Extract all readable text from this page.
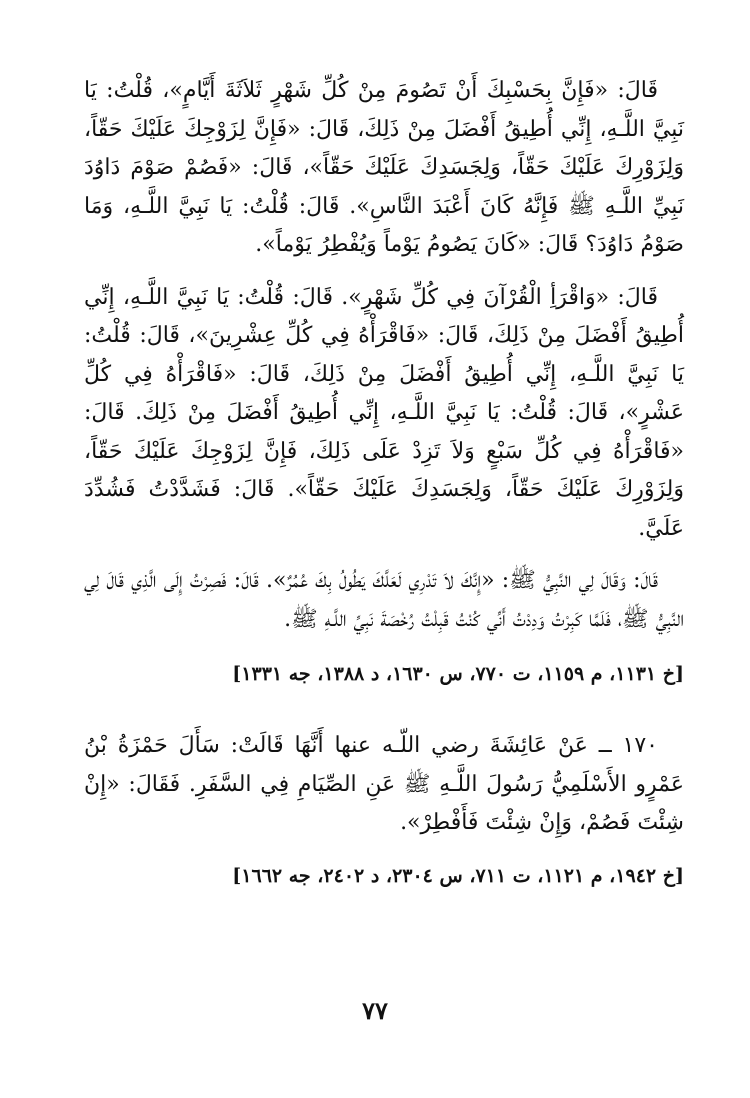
قَالَ: «فَإِنَّ بِحَسْبِكَ أَنْ تَصُومَ مِنْ كُلِّ شَهْرٍ ثَلاَثَةَ أَيَّامٍ»، قُلْتُ: يَا نَبِيَّ اللَّـهِ، إِنِّي أُطِيقُ أَفْضَلَ مِنْ ذَلِكَ، قَالَ: «فَإِنَّ لِزَوْجِكَ عَلَيْكَ حَقّاً، وَلِزَوْرِكَ عَلَيْكَ حَقّاً، وَلِجَسَدِكَ عَلَيْكَ حَقّاً»، قَالَ: «فَصُمْ صَوْمَ دَاوُدَ نَبِيِّ اللَّـهِ ﷺ فَإِنَّهُ كَانَ أَعْبَدَ النَّاسِ». قَالَ: قُلْتُ: يَا نَبِيَّ اللَّـهِ، وَمَا صَوْمُ دَاوُدَ؟ قَالَ: «كَانَ يَصُومُ يَوْماً وَيُفْطِرُ يَوْماً».

قَالَ: «وَاقْرَأِ الْقُرْآنَ فِي كُلِّ شَهْرٍ». قَالَ: قُلْتُ: يَا نَبِيَّ اللَّـهِ، إِنِّي أُطِيقُ أَفْضَلَ مِنْ ذَلِكَ، قَالَ: «فَاقْرَأْهُ فِي كُلِّ عِشْرِينَ»، قَالَ: قُلْتُ: يَا نَبِيَّ اللَّـهِ، إِنِّي أُطِيقُ أَفْضَلَ مِنْ ذَلِكَ، قَالَ: «فَاقْرَأْهُ فِي كُلِّ عَشْرٍ»، قَالَ: قُلْتُ: يَا نَبِيَّ اللَّـهِ، إِنِّي أُطِيقُ أَفْضَلَ مِنْ ذَلِكَ. قَالَ: «فَاقْرَأْهُ فِي كُلِّ سَبْعٍ وَلاَ تَزِدْ عَلَى ذَلِكَ، فَإِنَّ لِزَوْجِكَ عَلَيْكَ حَقّاً، وَلِزَوْرِكَ عَلَيْكَ حَقّاً، وَلِجَسَدِكَ عَلَيْكَ حَقّاً». قَالَ: فَشَدَّدْتُ فَشُدِّدَ عَلَيَّ.

قَالَ: وَقَالَ لِي النَّبِيُّ ﷺ: «إِنَّكَ لاَ تَدْرِي لَعَلَّكَ يَطُولُ بِكَ عُمُرٌ». قَالَ: فَصِرْتُ إِلَى الَّذِي قَالَ لِي النَّبِيُّ ﷺ، فَلَمَّا كَبِرْتُ وَدِدْتُ أَنِّي كُنْتُ قَبِلْتُ رُخْصَةَ نَبِيِّ اللَّـهِ ﷺ.

[خ ١١٣١، م ١١٥٩، ت ٧٧٠، س ١٦٣٠، د ١٣٨٨، جه ١٣٣١]

١٧٠ ــ عَنْ عَائِشَةَ رضي اللّـه عنها أَنَّهَا قَالَتْ: سَأَلَ حَمْزَةُ بْنُ عَمْرٍو الأَسْلَمِيُّ رَسُولَ اللَّـهِ ﷺ عَنِ الصِّيَامِ فِي السَّفَرِ. فَقَالَ: «إِنْ شِئْتَ فَصُمْ، وَإِنْ شِئْتَ فَأَفْطِرْ».

[خ ١٩٤٢، م ١١٢١، ت ٧١١، س ٢٣٠٤، د ٢٤٠٢، جه ١٦٦٢]

٧٧
